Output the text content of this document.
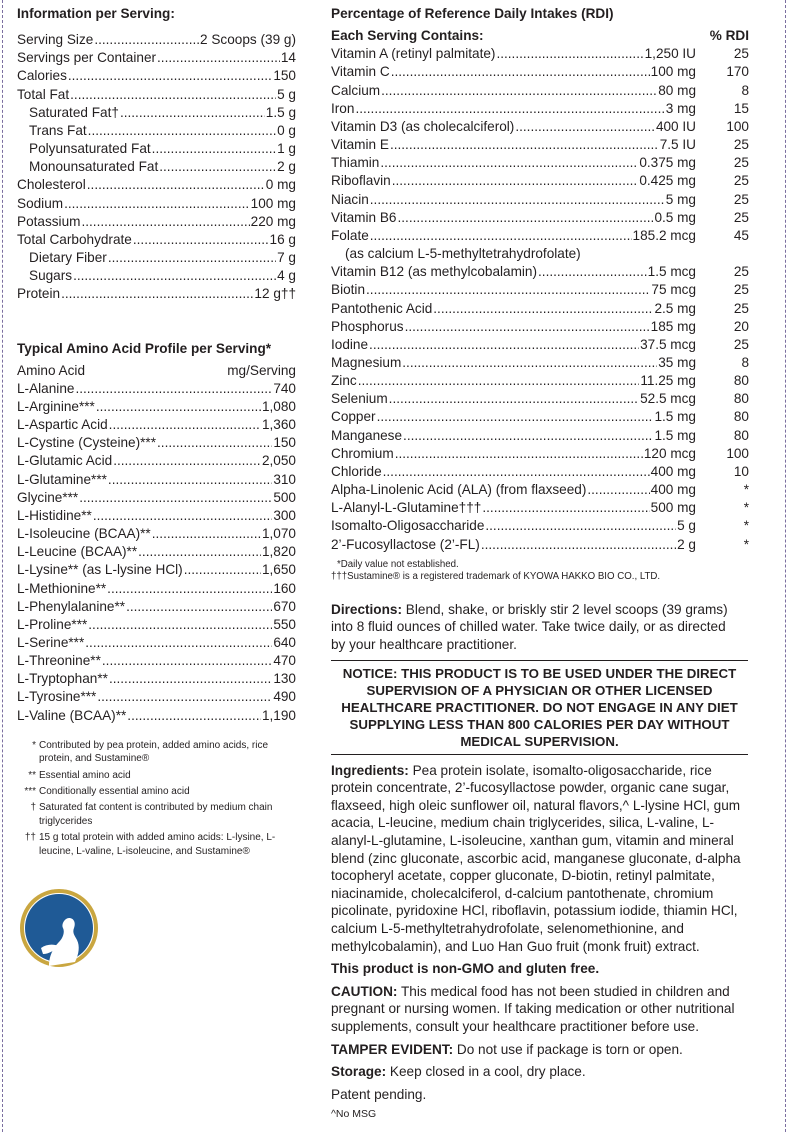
Information per Serving:
Serving Size .....	2 Scoops (39 g)
Servings per Container .....	14
Calories .....	150
Total Fat .....	5 g
Saturated Fat† .....	1.5 g
Trans Fat .....	0 g
Polyunsaturated Fat .....	1 g
Monounsaturated Fat .....	2 g
Cholesterol .....	0 mg
Sodium .....	100 mg
Potassium .....	220 mg
Total Carbohydrate .....	16 g
Dietary Fiber .....	7 g
Sugars .....	4 g
Protein .....	12 g††
Typical Amino Acid Profile per Serving*
Amino Acid	mg/Serving
L-Alanine .....	740
L-Arginine*** .....	1,080
L-Aspartic Acid .....	1,360
L-Cystine (Cysteine)*** .....	150
L-Glutamic Acid .....	2,050
L-Glutamine*** .....	310
Glycine*** .....	500
L-Histidine** .....	300
L-Isoleucine (BCAA)** .....	1,070
L-Leucine (BCAA)** .....	1,820
L-Lysine** (as L-lysine HCl) .....	1,650
L-Methionine** .....	160
L-Phenylalanine** .....	670
L-Proline*** .....	550
L-Serine*** .....	640
L-Threonine** .....	470
L-Tryptophan** .....	130
L-Tyrosine*** .....	490
L-Valine (BCAA)** .....	1,190
* Contributed by pea protein, added amino acids, rice protein, and Sustamine®
** Essential amino acid
*** Conditionally essential amino acid
† Saturated fat content is contributed by medium chain triglycerides
†† 15 g total protein with added amino acids: L-lysine, L-leucine, L-valine, L-isoleucine, and Sustamine®
Percentage of Reference Daily Intakes (RDI)
Each Serving Contains:	% RDI
Vitamin A (retinyl palmitate) .....	1,250 IU	25
Vitamin C .....	100 mg	170
Calcium .....	80 mg	8
Iron .....	3 mg	15
Vitamin D3 (as cholecalciferol) .....	400 IU	100
Vitamin E .....	7.5 IU	25
Thiamin .....	0.375 mg	25
Riboflavin .....	0.425 mg	25
Niacin .....	5 mg	25
Vitamin B6 .....	0.5 mg	25
Folate .....	185.2 mcg	45
(as calcium L-5-methyltetrahydrofolate)
Vitamin B12 (as methylcobalamin) .....	1.5 mcg	25
Biotin .....	75 mcg	25
Pantothenic Acid .....	2.5 mg	25
Phosphorus .....	185 mg	20
Iodine .....	37.5 mcg	25
Magnesium .....	35 mg	8
Zinc .....	11.25 mg	80
Selenium .....	52.5 mcg	80
Copper .....	1.5 mg	80
Manganese .....	1.5 mg	80
Chromium .....	120 mcg	100
Chloride .....	400 mg	10
Alpha-Linolenic Acid (ALA) (from flaxseed) .....	400 mg	*
L-Alanyl-L-Glutamine††† .....	500 mg	*
Isomalto-Oligosaccharide .....	5 g	*
2’-Fucosyllactose (2’-FL) .....	2 g	*
*Daily value not established.
†††Sustamine® is a registered trademark of KYOWA HAKKO BIO CO., LTD.
Directions: Blend, shake, or briskly stir 2 level scoops (39 grams) into 8 fluid ounces of chilled water. Take twice daily, or as directed by your healthcare practitioner.
NOTICE: THIS PRODUCT IS TO BE USED UNDER THE DIRECT SUPERVISION OF A PHYSICIAN OR OTHER LICENSED HEALTHCARE PRACTITIONER. DO NOT ENGAGE IN ANY DIET SUPPLYING LESS THAN 800 CALORIES PER DAY WITHOUT MEDICAL SUPERVISION.
Ingredients: Pea protein isolate, isomalto-oligosaccharide, rice protein concentrate, 2’-fucosyllactose powder, organic cane sugar, flaxseed, high oleic sunflower oil, natural flavors,^ L-lysine HCl, gum acacia, L-leucine, medium chain triglycerides, silica, L-valine, L-alanyl-L-glutamine, L-isoleucine, xanthan gum, vitamin and mineral blend (zinc gluconate, ascorbic acid, manganese gluconate, d-alpha tocopheryl acetate, copper gluconate, D-biotin, retinyl palmitate, niacinamide, cholecalciferol, d-calcium pantothenate, chromium picolinate, pyridoxine HCl, riboflavin, potassium iodide, thiamin HCl, calcium L-5-methyltetrahydrofolate, selenomethionine, and methylcobalamin), and Luo Han Guo fruit (monk fruit) extract.
This product is non-GMO and gluten free.
CAUTION: This medical food has not been studied in children and pregnant or nursing women. If taking medication or other nutritional supplements, consult your healthcare practitioner before use.
TAMPER EVIDENT: Do not use if package is torn or open.
Storage: Keep closed in a cool, dry place.
Patent pending.
^No MSG
